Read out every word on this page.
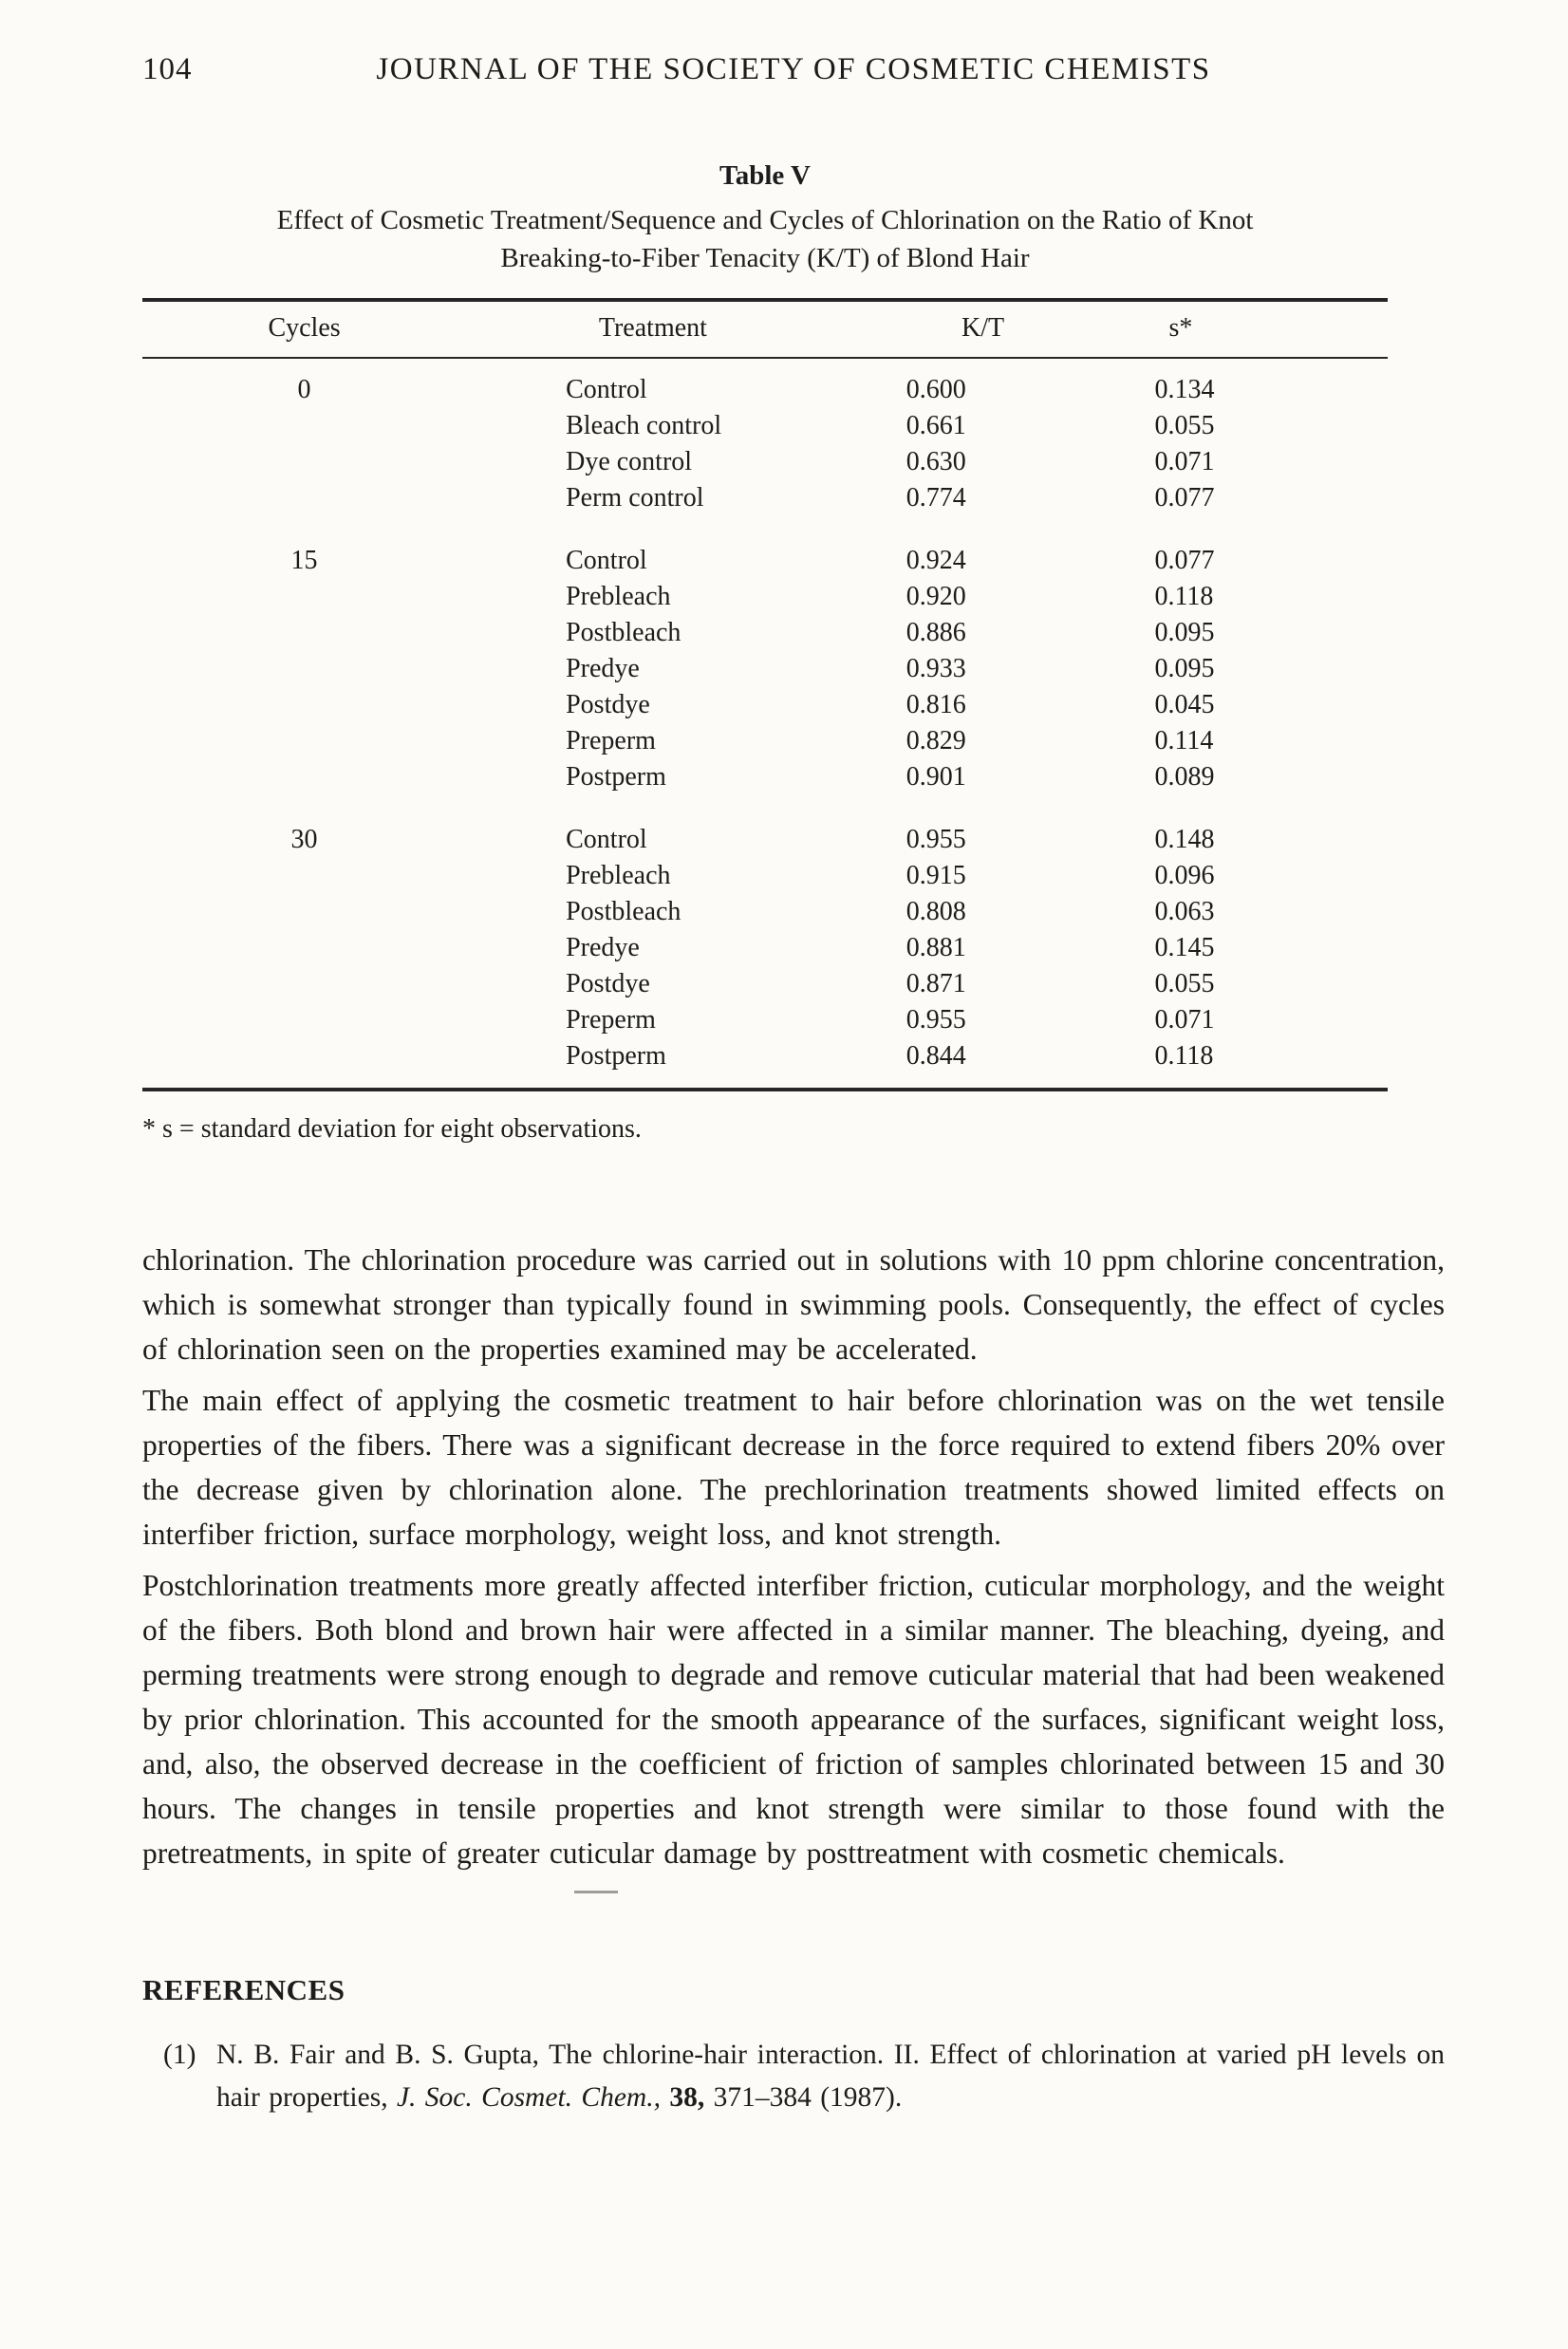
104	JOURNAL OF THE SOCIETY OF COSMETIC CHEMISTS
Table V
Effect of Cosmetic Treatment/Sequence and Cycles of Chlorination on the Ratio of Knot
Breaking-to-Fiber Tenacity (K/T) of Blond Hair
Cycles	Treatment	K/T	s*
0	Control	0.600	0.134
	Bleach control	0.661	0.055
	Dye control	0.630	0.071
	Perm control	0.774	0.077
15	Control	0.924	0.077
	Prebleach	0.920	0.118
	Postbleach	0.886	0.095
	Predye	0.933	0.095
	Postdye	0.816	0.045
	Preperm	0.829	0.114
	Postperm	0.901	0.089
30	Control	0.955	0.148
	Prebleach	0.915	0.096
	Postbleach	0.808	0.063
	Predye	0.881	0.145
	Postdye	0.871	0.055
	Preperm	0.955	0.071
	Postperm	0.844	0.118
* s = standard deviation for eight observations.

chlorination. The chlorination procedure was carried out in solutions with 10 ppm chlorine concentration, which is somewhat stronger than typically found in swimming pools. Consequently, the effect of cycles of chlorination seen on the properties examined may be accelerated.

The main effect of applying the cosmetic treatment to hair before chlorination was on the wet tensile properties of the fibers. There was a significant decrease in the force required to extend fibers 20% over the decrease given by chlorination alone. The prechlorination treatments showed limited effects on interfiber friction, surface morphology, weight loss, and knot strength.

Postchlorination treatments more greatly affected interfiber friction, cuticular morphology, and the weight of the fibers. Both blond and brown hair were affected in a similar manner. The bleaching, dyeing, and perming treatments were strong enough to degrade and remove cuticular material that had been weakened by prior chlorination. This accounted for the smooth appearance of the surfaces, significant weight loss, and, also, the observed decrease in the coefficient of friction of samples chlorinated between 15 and 30 hours. The changes in tensile properties and knot strength were similar to those found with the pretreatments, in spite of greater cuticular damage by posttreatment with cosmetic chemicals.

REFERENCES
(1) N. B. Fair and B. S. Gupta, The chlorine-hair interaction. II. Effect of chlorination at varied pH levels on hair properties, J. Soc. Cosmet. Chem., 38, 371–384 (1987).
